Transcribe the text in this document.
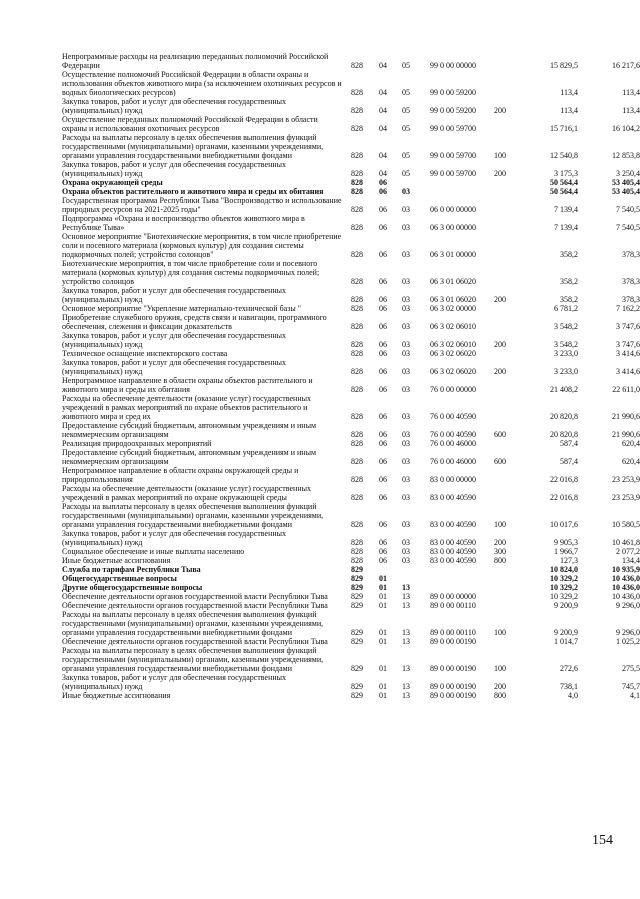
Непрограммные расходы на реализацию переданных полномочий Российской Федерации	828	04	05	99 0 00 00000		15 829,5	16 217,6
Осуществление полномочий Российской Федерации в области охраны и использования объектов животного мира (за исключением охотничьих ресурсов и водных биологических ресурсов)	828	04	05	99 0 00 59200		113,4	113,4
Закупка товаров, работ и услуг для обеспечения государственных (муниципальных) нужд	828	04	05	99 0 00 59200	200	113,4	113,4
Осуществление переданных полномочий Российской Федерации в области охраны и использования охотничьих ресурсов	828	04	05	99 0 00 59700		15 716,1	16 104,2
Расходы на выплаты персоналу в целях обеспечения выполнения функций государственными (муниципальными) органами, казенными учреждениями, органами управления государственными внебюджетными фондами	828	04	05	99 0 00 59700	100	12 540,8	12 853,8
Закупка товаров, работ и услуг для обеспечения государственных (муниципальных) нужд	828	04	05	99 0 00 59700	200	3 175,3	3 250,4
Охрана окружающей среды	828	06				50 564,4	53 405,4
Охрана объектов растительного и животного мира и среды их обитания	828	06	03			50 564,4	53 405,4
Государственная программа Республики Тыва "Воспроизводство и использование природных ресурсов на 2021-2025 годы"	828	06	03	06 0 00 00000		7 139,4	7 540,5
Подпрограмма «Охрана и воспроизводство объектов животного мира в Республике Тыва»	828	06	03	06 3 00 00000		7 139,4	7 540,5
Основное мероприятие "Биотехнические мероприятия, в том числе приобретение соли и посевного материала (кормовых культур) для создания системы подкормочных полей; устройство солонцов"	828	06	03	06 3 01 00000		358,2	378,3
Биотехнические мероприятия, в том числе приобретение соли и посевного материала (кормовых культур) для создания системы подкормочных полей; устройство солонцов	828	06	03	06 3 01 06020		358,2	378,3
Закупка товаров, работ и услуг для обеспечения государственных (муниципальных) нужд	828	06	03	06 3 01 06020	200	358,2	378,3
Основное мероприятие "Укрепление материально-технической базы "	828	06	03	06 3 02 00000		6 781,2	7 162,2
Приобретение служебного оружия, средств связи и навигации, программного обеспечения, слежения и фиксации доказательств	828	06	03	06 3 02 06010		3 548,2	3 747,6
Закупка товаров, работ и услуг для обеспечения государственных (муниципальных) нужд	828	06	03	06 3 02 06010	200	3 548,2	3 747,6
Техническое оснащение инспекторского состава	828	06	03	06 3 02 06020		3 233,0	3 414,6
Закупка товаров, работ и услуг для обеспечения государственных (муниципальных) нужд	828	06	03	06 3 02 06020	200	3 233,0	3 414,6
Непрограммное направление в области охраны объектов растительного и животного мира и среды их обитания	828	06	03	76 0 00 00000		21 408,2	22 611,0
Расходы на обеспечение деятельности (оказание услуг) государственных учреждений в рамках мероприятий по охране объектов растительного и животного мира и сред их	828	06	03	76 0 00 40590		20 820,8	21 990,6
Предоставление субсидий бюджетным, автономным учреждениям и иным некоммерческим организациям	828	06	03	76 0 00 40590	600	20 820,8	21 990,6
Реализация природоохранных мероприятий	828	06	03	76 0 00 46000		587,4	620,4
Предоставление субсидий бюджетным, автономным учреждениям и иным некоммерческим организациям	828	06	03	76 0 00 46000	600	587,4	620,4
Непрограммное направление в области охраны окружающей среды и природопользования	828	06	03	83 0 00 00000		22 016,8	23 253,9
Расходы на обеспечение деятельности (оказание услуг) государственных учреждений в рамках мероприятий по охране окружающей среды	828	06	03	83 0 00 40590		22 016,8	23 253,9
Расходы на выплаты персоналу в целях обеспечения выполнения функций государственными (муниципальными) органами, казенными учреждениями, органами управления государственными внебюджетными фондами	828	06	03	83 0 00 40590	100	10 017,6	10 580,5
Закупка товаров, работ и услуг для обеспечения государственных (муниципальных) нужд	828	06	03	83 0 00 40590	200	9 905,3	10 461,8
Социальное обеспечение и иные выплаты населению	828	06	03	83 0 00 40590	300	1 966,7	2 077,2
Иные бюджетные ассигнования	828	06	03	83 0 00 40590	800	127,3	134,4
Служба по тарифам Республики Тыва	829					10 824,0	10 935,9
Общегосударственные вопросы	829	01				10 329,2	10 436,0
Другие общегосударственные вопросы	829	01	13			10 329,2	10 436,0
Обеспечение деятельности органов государственной власти Республики Тыва	829	01	13	89 0 00 00000		10 329,2	10 436,0
Обеспечение деятельности органов государственной власти Республики Тыва	829	01	13	89 0 00 00110		9 200,9	9 296,0
Расходы на выплаты персоналу в целях обеспечения выполнения функций государственными (муниципальными) органами, казенными учреждениями, органами управления государственными внебюджетными фондами	829	01	13	89 0 00 00110	100	9 200,9	9 296,0
Обеспечение деятельности органов государственной власти Республики Тыва	829	01	13	89 0 00 00190		1 014,7	1 025,2
Расходы на выплаты персоналу в целях обеспечения выполнения функций государственными (муниципальными) органами, казенными учреждениями, органами управления государственными внебюджетными фондами	829	01	13	89 0 00 00190	100	272,6	275,5
Закупка товаров, работ и услуг для обеспечения государственных (муниципальных) нужд	829	01	13	89 0 00 00190	200	738,1	745,7
Иные бюджетные ассигнования	829	01	13	89 0 00 00190	800	4,0	4,1
154
